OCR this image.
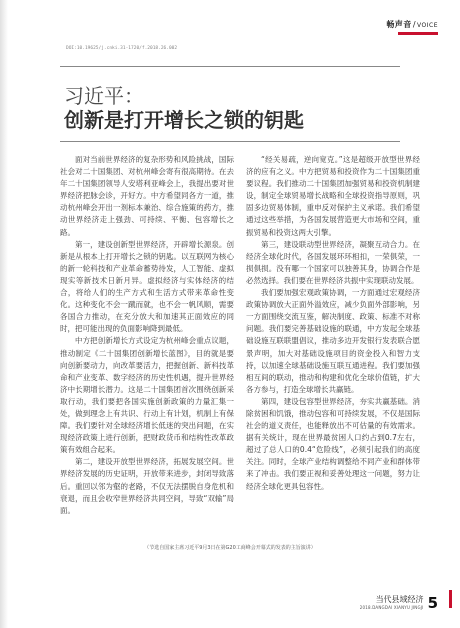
畅声音/VOICE
DOI:10.19625/j.cnki.31-1720/f.2018.26.002
习近平：
创新是打开增长之锁的钥匙

面对当前世界经济的复杂形势和风险挑战，国际社会对二十国集团、对杭州峰会寄有很高期待。在去年二十国集团领导人安塔利亚峰会上，我提出要对世界经济把脉会诊，开好方。中方希望同各方一道，推动杭州峰会开出一剂标本兼治、综合施策的药方，推动世界经济走上强劲、可持续、平衡、包容增长之路。

第一，建设创新型世界经济，开辟增长源泉。创新是从根本上打开增长之锁的钥匙。以互联网为核心的新一轮科技和产业革命蓄势待发，人工智能、虚拟现实等新技术日新月异。虚拟经济与实体经济的结合，将给人们的生产方式和生活方式带来革命性变化。这种变化不会一蹴而就，也不会一帆风顺，需要各国合力推动，在充分放大和加速其正面效应的同时，把可能出现的负面影响降到最低。

中方把创新增长方式设定为杭州峰会重点议题，推动制定《二十国集团创新增长蓝图》，目的就是要向创新要动力，向改革要活力，把握创新、新科技革命和产业变革、数字经济的历史性机遇，提升世界经济中长期增长潜力。这是二十国集团首次围绕创新采取行动，我们要把各国实施创新政策的力量汇集一处，做到理念上有共识、行动上有计划，机制上有保障。我们要针对全球经济增长低迷的突出问题，在实现经济政策上进行创新，把财政货币和结构性改革政策有效组合起来。

第二，建设开放型世界经济，拓展发展空间。世界经济发展的历史证明，开放带来进步，封闭导致落后。重回以邻为壑的老路，不仅无法摆脱自身危机和衰退，而且会收窄世界经济共同空间，导致“双输”局面。

“经关易疏，逆向宽克。”这是超级开放型世界经济的应有之义。中方把贸易和投资作为二十国集团重要议程。我们推动二十国集团加强贸易和投资机制建设，制定全球贸易增长战略和全球投资指导原则，巩固多边贸易体制，重申反对保护主义承诺。我们希望通过这些举措，为各国发展营造更大市场和空间，重振贸易和投资这两大引擎。

第三，建设联动型世界经济，凝聚互动合力。在经济全球化时代，各国发展环环相扣，一荣俱荣，一损俱损。没有哪一个国家可以独善其身，协调合作是必然选择。我们要在世界经济共振中实现联动发展。

我们要加强宏观政策协调，一方面通过宏观经济政策协调放大正面外溢效应，减少负面外部影响，另一方面围绕交流互鉴，解决制度、政策、标准不对称问题。我们要完善基础设施的联通，中方发起全球基础设施互联联盟倡议，推动多边开发银行发表联合愿景声明，加大对基础设施项目的资金投入和智力支持，以加速全球基础设施互联互通进程。我们要加强相互间的联动，推动和构建和优化全球价值链，扩大各方参与，打造全球增长共赢链。

第四，建设包容型世界经济，夯实共赢基础。消除贫困和饥饿，推动包容和可持续发展，不仅是国际社会的道义责任，也能释放出不可估量的有效需求。据有关统计，现在世界最贫困人口约占到0.7左右，超过了总人口的0.4“危险线”，必须引起我们的高度关注。同时，全球产业结构调整给不同产业和群体带来了冲击。我们要正视和妥善处理这一问题，努力让经济全球化更具包容性。

（节选自国家主席习近平9月3日在第G20工商峰会开幕式的发表的主旨演讲）
当代县域经济
2018.DANGDAI XIANYU JINGJI 5
